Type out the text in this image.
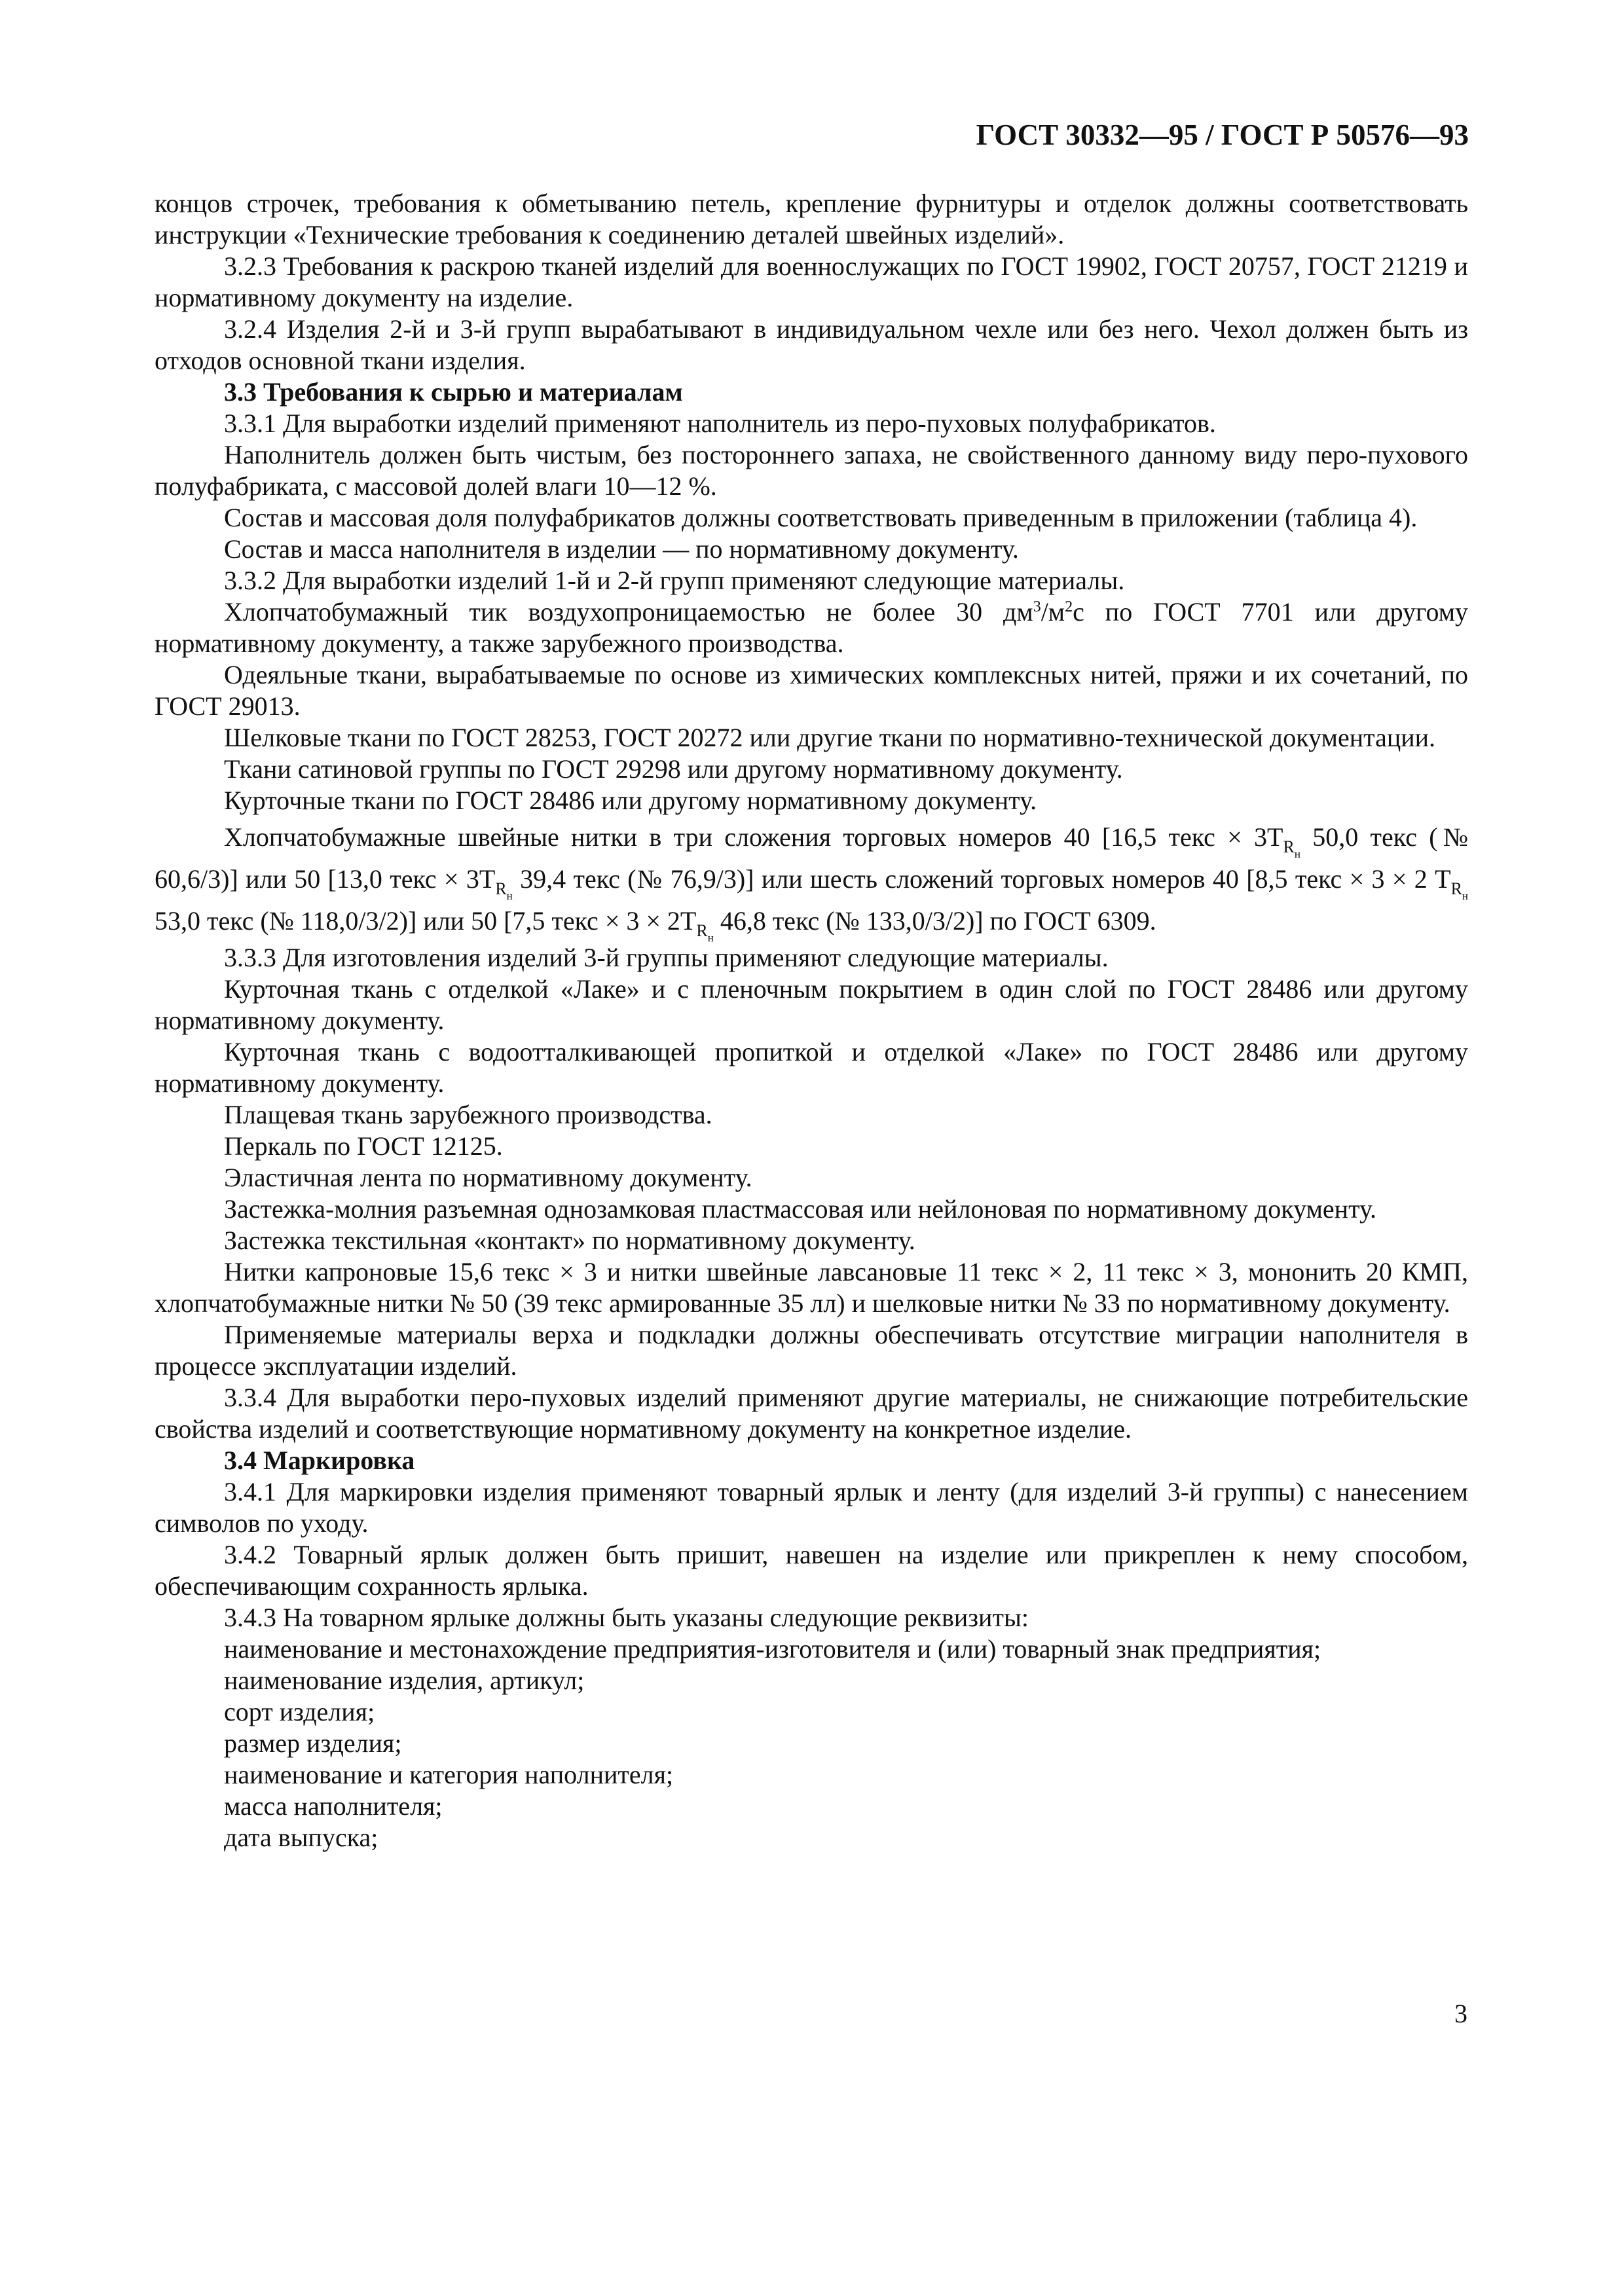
ГОСТ 30332—95 / ГОСТ Р 50576—93

концов строчек, требования к обметыванию петель, крепление фурнитуры и отделок должны соответствовать инструкции «Технические требования к соединению деталей швейных изделий».

3.2.3 Требования к раскрою тканей изделий для военнослужащих по ГОСТ 19902, ГОСТ 20757, ГОСТ 21219 и нормативному документу на изделие.

3.2.4 Изделия 2-й и 3-й групп вырабатывают в индивидуальном чехле или без него. Чехол должен быть из отходов основной ткани изделия.

3.3 Требования к сырью и материалам

3.3.1 Для выработки изделий применяют наполнитель из перо-пуховых полуфабрикатов.

Наполнитель должен быть чистым, без постороннего запаха, не свойственного данному виду перо-пухового полуфабриката, с массовой долей влаги 10—12 %.

Состав и массовая доля полуфабрикатов должны соответствовать приведенным в приложении (таблица 4).

Состав и масса наполнителя в изделии — по нормативному документу.

3.3.2 Для выработки изделий 1-й и 2-й групп применяют следующие материалы.

Хлопчатобумажный тик воздухопроницаемостью не более 30 $дм^3/м^2с$ по ГОСТ 7701 или другому нормативному документу, а также зарубежного производства.

Одеяльные ткани, вырабатываемые по основе из химических комплексных нитей, пряжи и их сочетаний, по ГОСТ 29013.

Шелковые ткани по ГОСТ 28253, ГОСТ 20272 или другие ткани по нормативно-технической документации.

Ткани сатиновой группы по ГОСТ 29298 или другому нормативному документу.

Курточные ткани по ГОСТ 28486 или другому нормативному документу.

Хлопчатобумажные швейные нитки в три сложения торговых номеров 40 [16,5 текс × $3Т_{R_н}$ 50,0 текс (№ 60,6/3)] или 50 [13,0 текс × $3Т_{R_н}$ 39,4 текс (№ 76,9/3)] или шесть сложений торговых номеров 40 [8,5 текс × 3 × 2 $Т_{R_н}$ 53,0 текс (№ 118,0/3/2)] или 50 [7,5 текс × $3 \times 2Т_{R_н}$ 46,8 текс (№ 133,0/3/2)] по ГОСТ 6309.

3.3.3 Для изготовления изделий 3-й группы применяют следующие материалы.

Курточная ткань с отделкой «Лаке» и с пленочным покрытием в один слой по ГОСТ 28486 или другому нормативному документу.

Курточная ткань с водоотталкивающей пропиткой и отделкой «Лаке» по ГОСТ 28486 или другому нормативному документу.

Плащевая ткань зарубежного производства.

Перкаль по ГОСТ 12125.

Эластичная лента по нормативному документу.

Застежка-молния разъемная однозамковая пластмассовая или нейлоновая по нормативному документу.

Застежка текстильная «контакт» по нормативному документу.

Нитки капроновые 15,6 текс × 3 и нитки швейные лавсановые 11 текс × 2, 11 текс × 3, мононить 20 КМП, хлопчатобумажные нитки № 50 (39 текс армированные 35 лл) и шелковые нитки № 33 по нормативному документу.

Применяемые материалы верха и подкладки должны обеспечивать отсутствие миграции наполнителя в процессе эксплуатации изделий.

3.3.4 Для выработки перо-пуховых изделий применяют другие материалы, не снижающие потребительские свойства изделий и соответствующие нормативному документу на конкретное изделие.

3.4 Маркировка

3.4.1 Для маркировки изделия применяют товарный ярлык и ленту (для изделий 3-й группы) с нанесением символов по уходу.

3.4.2 Товарный ярлык должен быть пришит, навешен на изделие или прикреплен к нему способом, обеспечивающим сохранность ярлыка.

3.4.3 На товарном ярлыке должны быть указаны следующие реквизиты:

наименование и местонахождение предприятия-изготовителя и (или) товарный знак предприятия;

наименование изделия, артикул;

сорт изделия;

размер изделия;

наименование и категория наполнителя;

масса наполнителя;

дата выпуска;

3
